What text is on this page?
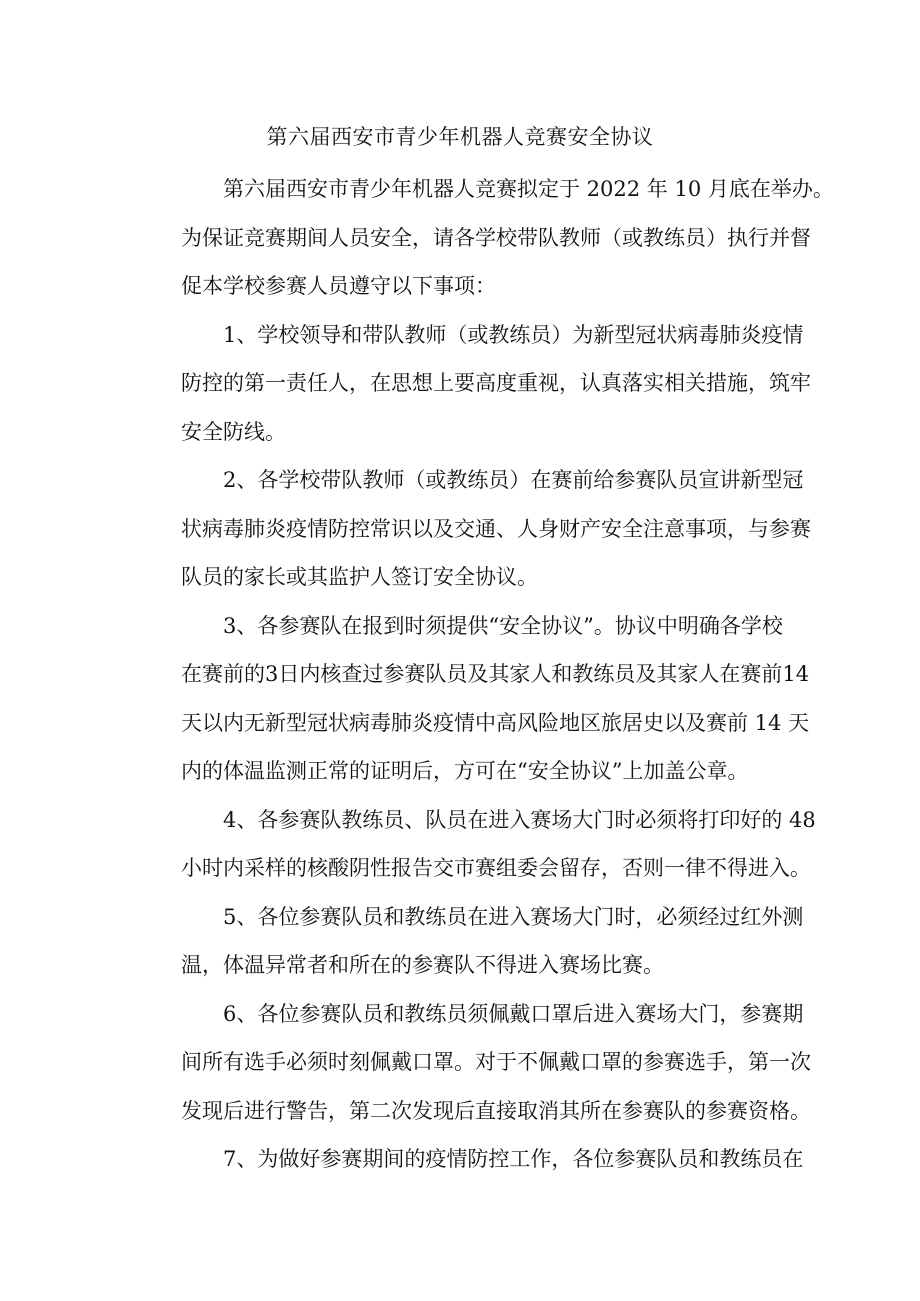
第六届西安市青少年机器人竞赛安全协议
第六届西安市青少年机器人竞赛拟定于 2022 年 10 月底在举办。
为保证竞赛期间人员安全，请各学校带队教师（或教练员）执行并督
促本学校参赛人员遵守以下事项：
1、学校领导和带队教师（或教练员）为新型冠状病毒肺炎疫情
防控的第一责任人，在思想上要高度重视，认真落实相关措施，筑牢
安全防线。
2、各学校带队教师（或教练员）在赛前给参赛队员宣讲新型冠
状病毒肺炎疫情防控常识以及交通、人身财产安全注意事项，与参赛
队员的家长或其监护人签订安全协议。
3、各参赛队在报到时须提供“安全协议”。协议中明确各学校
在赛前的3日内核查过参赛队员及其家人和教练员及其家人在赛前14
天以内无新型冠状病毒肺炎疫情中高风险地区旅居史以及赛前 14 天
内的体温监测正常的证明后，方可在“安全协议”上加盖公章。
4、各参赛队教练员、队员在进入赛场大门时必须将打印好的 48
小时内采样的核酸阴性报告交市赛组委会留存，否则一律不得进入。
5、各位参赛队员和教练员在进入赛场大门时，必须经过红外测
温，体温异常者和所在的参赛队不得进入赛场比赛。
6、各位参赛队员和教练员须佩戴口罩后进入赛场大门，参赛期
间所有选手必须时刻佩戴口罩。对于不佩戴口罩的参赛选手，第一次
发现后进行警告，第二次发现后直接取消其所在参赛队的参赛资格。
7、为做好参赛期间的疫情防控工作，各位参赛队员和教练员在
